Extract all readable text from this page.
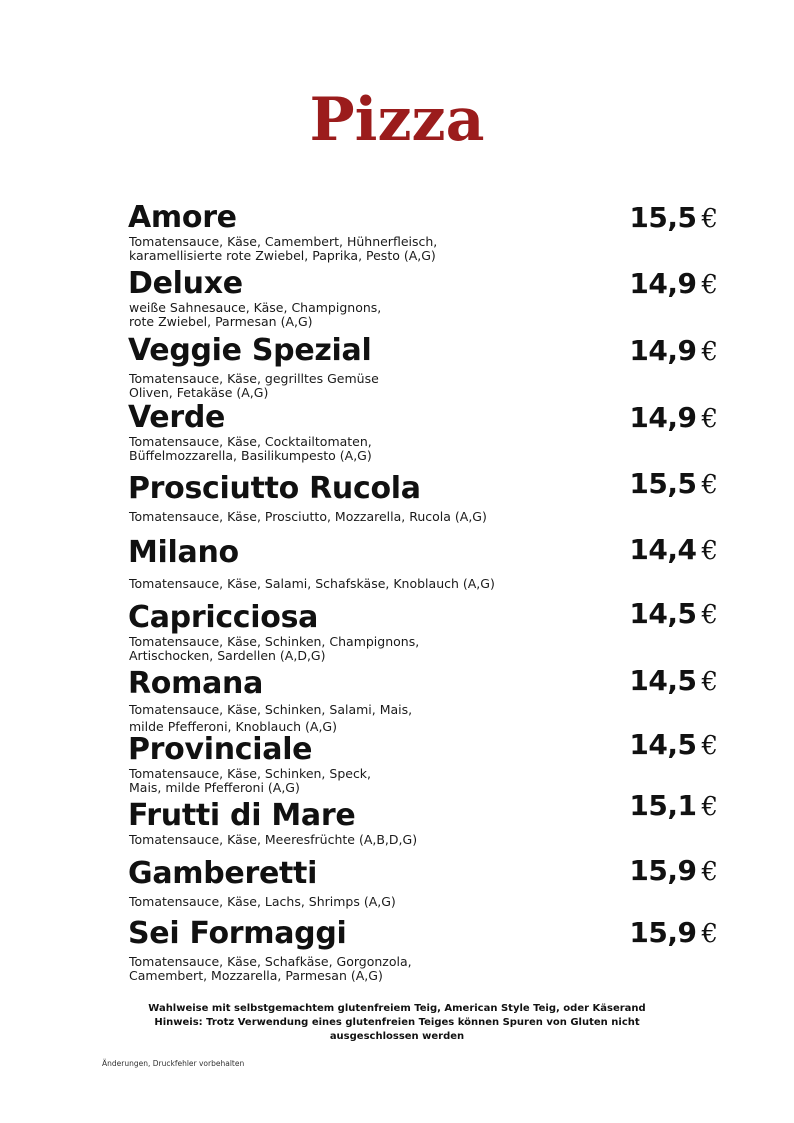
Pizza
Amore	15,5 €
Tomatensauce, Käse, Camembert, Hühnerfleisch,
karamellisierte rote Zwiebel, Paprika, Pesto (A,G)
Deluxe	14,9 €
weiße Sahnesauce, Käse, Champignons,
rote Zwiebel, Parmesan (A,G)
Veggie Spezial	14,9 €
Tomatensauce, Käse, gegrilltes Gemüse
Oliven, Fetakäse (A,G)
Verde	14,9 €
Tomatensauce, Käse, Cocktailtomaten,
Büffelmozzarella, Basilikumpesto (A,G)
Prosciutto Rucola	15,5 €
Tomatensauce, Käse, Prosciutto, Mozzarella, Rucola (A,G)
Milano	14,4 €
Tomatensauce, Käse, Salami, Schafskäse, Knoblauch (A,G)
Capricciosa	14,5 €
Tomatensauce, Käse, Schinken, Champignons,
Artischocken, Sardellen (A,D,G)
Romana	14,5 €
Tomatensauce, Käse, Schinken, Salami, Mais,
milde Pfefferoni, Knoblauch (A,G)
Provinciale	14,5 €
Tomatensauce, Käse, Schinken, Speck,
Mais, milde Pfefferoni (A,G)
Frutti di Mare	15,1 €
Tomatensauce, Käse, Meeresfrüchte (A,B,D,G)
Gamberetti	15,9 €
Tomatensauce, Käse, Lachs, Shrimps (A,G)
Sei Formaggi	15,9 €
Tomatensauce, Käse, Schafkäse, Gorgonzola,
Camembert, Mozzarella, Parmesan (A,G)
Wahlweise mit selbstgemachtem glutenfreiem Teig, American Style Teig, oder Käserand
Hinweis: Trotz Verwendung eines glutenfreien Teiges können Spuren von Gluten nicht
ausgeschlossen werden
Änderungen, Druckfehler vorbehalten
